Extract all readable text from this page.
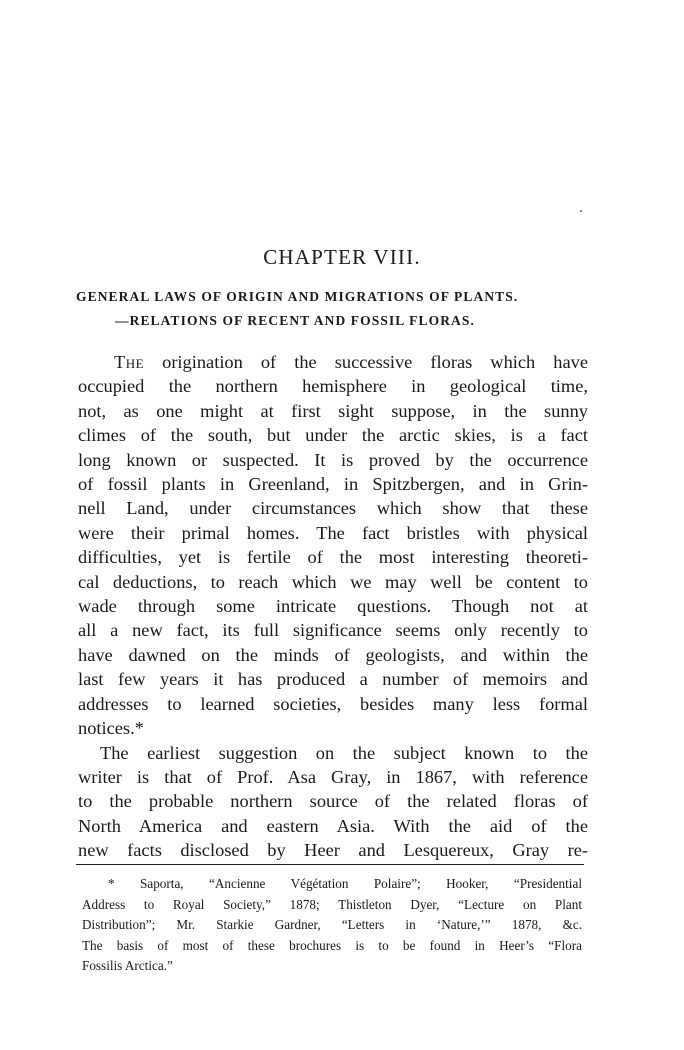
CHAPTER VIII.

GENERAL LAWS OF ORIGIN AND MIGRATIONS OF PLANTS.

—RELATIONS OF RECENT AND FOSSIL FLORAS.

The origination of the successive floras which have
occupied the northern hemisphere in geological time,
not, as one might at first sight suppose, in the sunny
climes of the south, but under the arctic skies, is a fact
long known or suspected. It is proved by the occurrence
of fossil plants in Greenland, in Spitzbergen, and in Grin-
nell Land, under circumstances which show that these
were their primal homes. The fact bristles with physical
difficulties, yet is fertile of the most interesting theoreti-
cal deductions, to reach which we may well be content to
wade through some intricate questions. Though not at
all a new fact, its full significance seems only recently to
have dawned on the minds of geologists, and within the
last few years it has produced a number of memoirs and
addresses to learned societies, besides many less formal
notices.*
The earliest suggestion on the subject known to the
writer is that of Prof. Asa Gray, in 1867, with reference
to the probable northern source of the related floras of
North America and eastern Asia. With the aid of the
new facts disclosed by Heer and Lesquereux, Gray re-
* Saporta, “Ancienne Végétation Polaire”; Hooker, “Presidential
Address to Royal Society,” 1878; Thistleton Dyer, “Lecture on Plant
Distribution”; Mr. Starkie Gardner, “Letters in ‘Nature,’” 1878, &c.
The basis of most of these brochures is to be found in Heer’s “Flora
Fossilis Arctica.”
